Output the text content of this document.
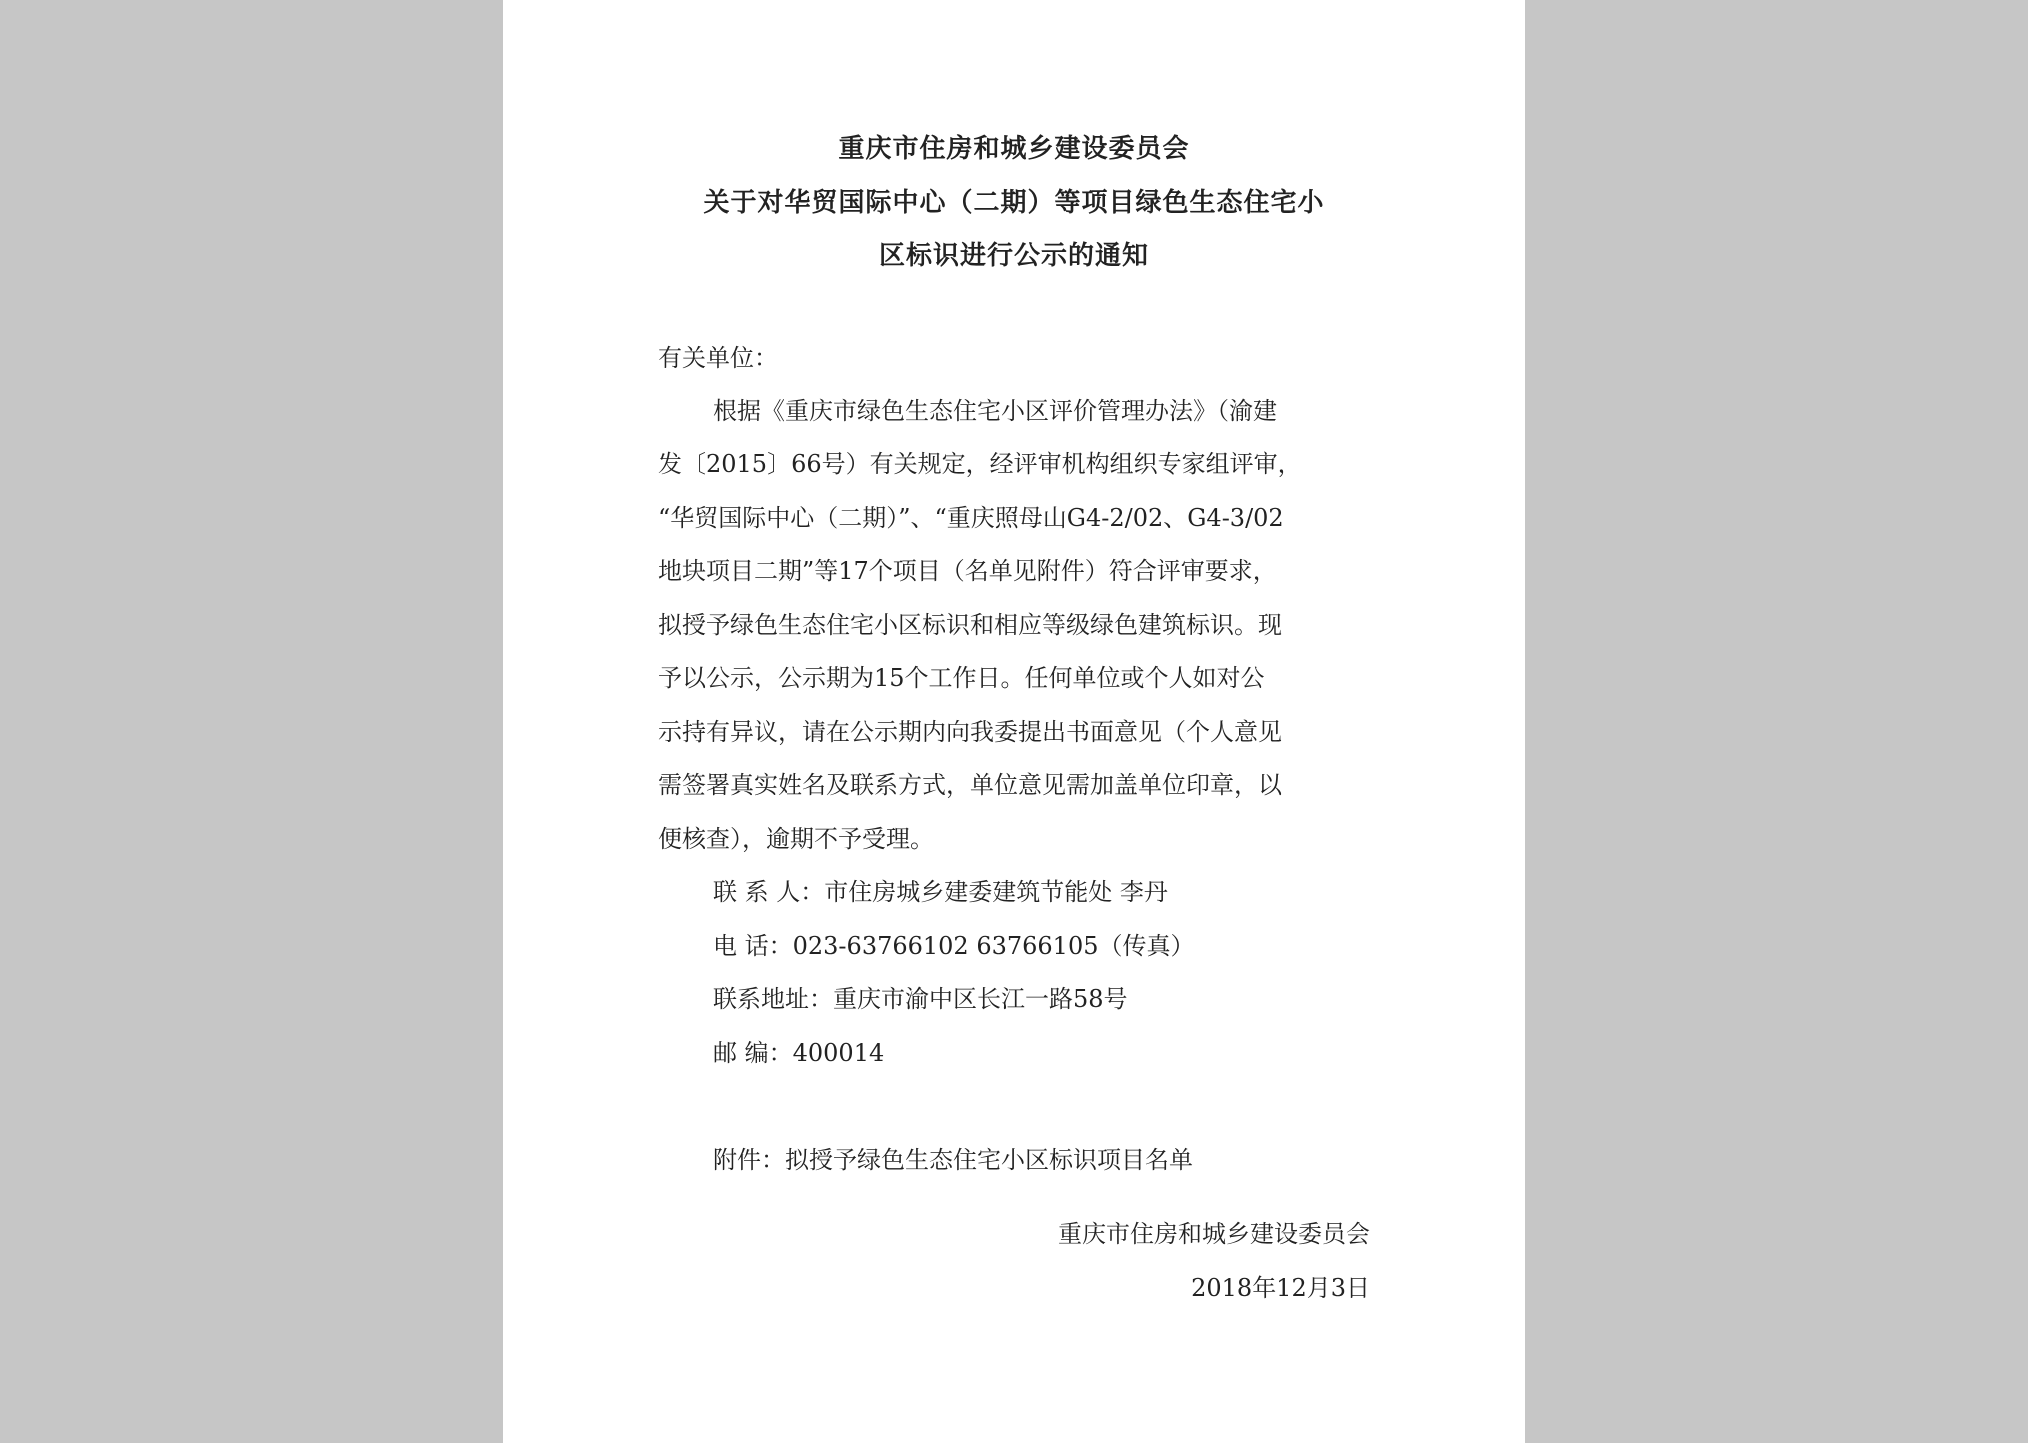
重庆市住房和城乡建设委员会
关于对华贸国际中心（二期）等项目绿色生态住宅小
区标识进行公示的通知
有关单位：
根据《重庆市绿色生态住宅小区评价管理办法》（渝建
发〔2015〕66号）有关规定，经评审机构组织专家组评审，
“华贸国际中心（二期）”、“重庆照母山G4-2/02、G4-3/02
地块项目二期”等17个项目（名单见附件）符合评审要求，
拟授予绿色生态住宅小区标识和相应等级绿色建筑标识。现
予以公示，公示期为15个工作日。任何单位或个人如对公
示持有异议，请在公示期内向我委提出书面意见（个人意见
需签署真实姓名及联系方式，单位意见需加盖单位印章，以
便核查），逾期不予受理。
联 系 人：市住房城乡建委建筑节能处 李丹
电 话：023-63766102 63766105（传真）
联系地址：重庆市渝中区长江一路58号
邮 编：400014
附件：拟授予绿色生态住宅小区标识项目名单
重庆市住房和城乡建设委员会
2018年12月3日
